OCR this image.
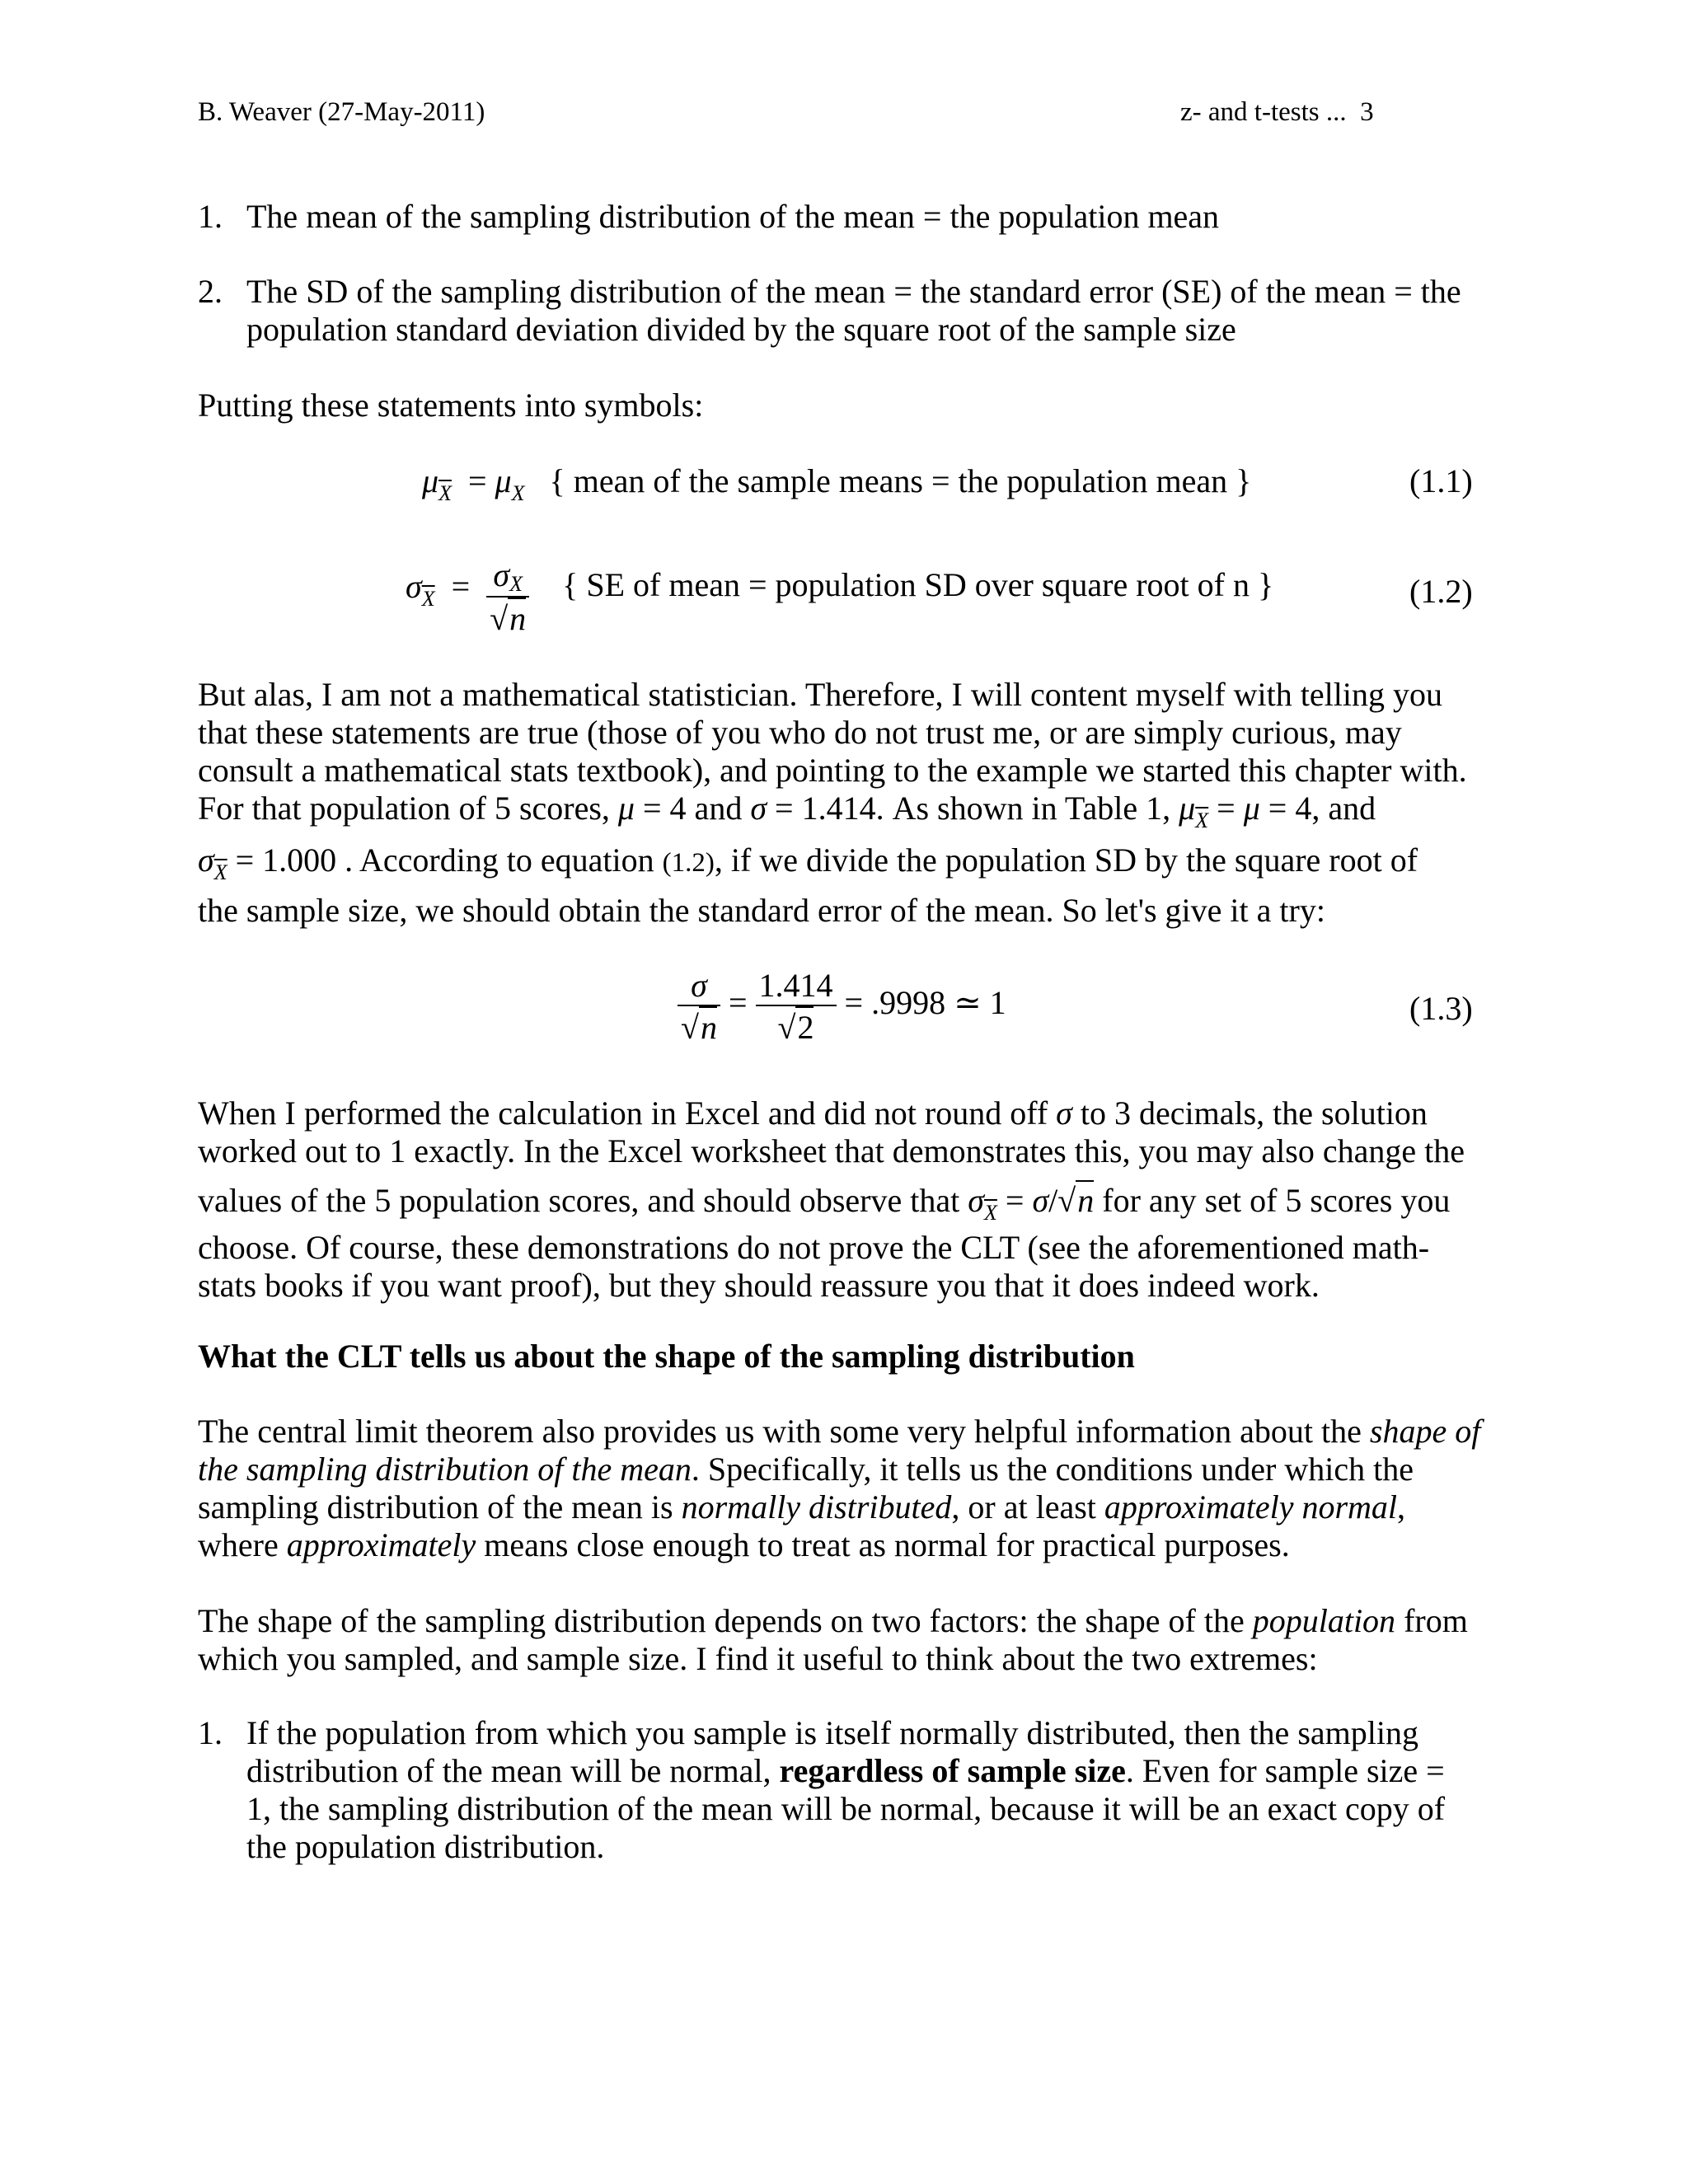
B. Weaver (27-May-2011)	z- and t-tests ...  3
1. The mean of the sampling distribution of the mean = the population mean
2. The SD of the sampling distribution of the mean = the standard error (SE) of the mean = the population standard deviation divided by the square root of the sample size
Putting these statements into symbols:
$\mu_{\overline{X}} = \mu_X$ { mean of the sample means = the population mean }	(1.1)
$\sigma_{\overline{X}} = \frac{\sigma X}{√n}$ { SE of mean = population SD over square root of n }	(1.2)
But alas, I am not a mathematical statistician. Therefore, I will content myself with telling you
that these statements are true (those of you who do not trust me, or are simply curious, may
consult a mathematical stats textbook), and pointing to the example we started this chapter with.
For that population of 5 scores, μ = 4 and σ = 1.414. As shown in Table 1, $\mu_{\overline{X}} = \mu = 4$, and
$\sigma_{\overline{X}} = 1.000$ . According to equation (1.2), if we divide the population SD by the square root of
the sample size, we should obtain the standard error of the mean. So let's give it a try:
$\frac{\sigma}{√n} = \frac{1.414}{√2} = .9998$ ≃ 1	(1.3)
When I performed the calculation in Excel and did not round off σ to 3 decimals, the solution
worked out to 1 exactly. In the Excel worksheet that demonstrates this, you may also change the
values of the 5 population scores, and should observe that $\sigma_{\overline{X}} = \sigma/√n$ for any set of 5 scores you
choose. Of course, these demonstrations do not prove the CLT (see the aforementioned math-
stats books if you want proof), but they should reassure you that it does indeed work.
What the CLT tells us about the shape of the sampling distribution
The central limit theorem also provides us with some very helpful information about the shape of
the sampling distribution of the mean. Specifically, it tells us the conditions under which the
sampling distribution of the mean is normally distributed, or at least approximately normal,
where approximately means close enough to treat as normal for practical purposes.
The shape of the sampling distribution depends on two factors: the shape of the population from
which you sampled, and sample size. I find it useful to think about the two extremes:
1. If the population from which you sample is itself normally distributed, then the sampling
distribution of the mean will be normal, regardless of sample size. Even for sample size =
1, the sampling distribution of the mean will be normal, because it will be an exact copy of
the population distribution.
